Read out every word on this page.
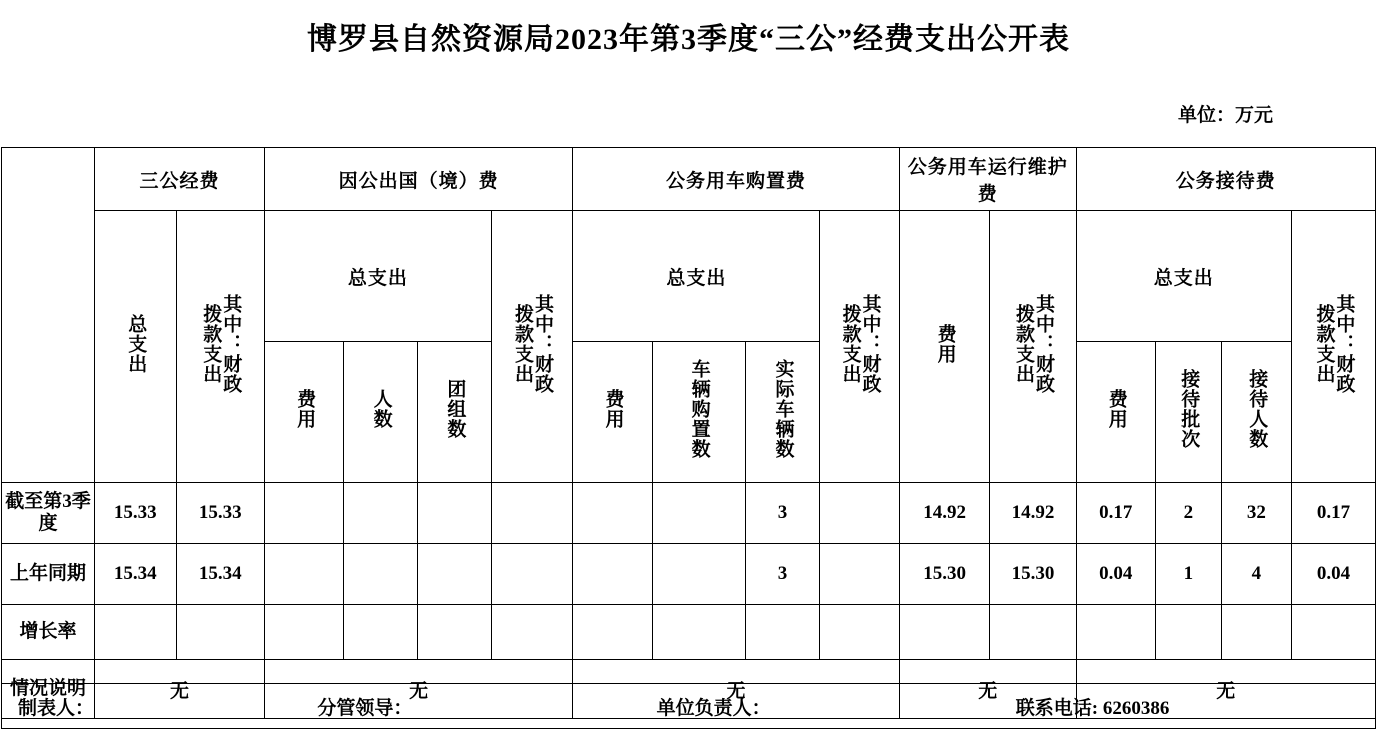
博罗县自然资源局2023年第3季度“三公”经费支出公开表
单位：万元
	三公经费		因公出国（境）费				公务用车购置费				公务用车运行维护费		公务接待费			
	总支出	其中：财政拨款支出	总支出			其中：财政拨款支出	总支出			其中：财政拨款支出	费用	其中：财政拨款支出	总支出			其中：财政拨款支出
			费用	人数	团组数		费用	车辆购置数	实际车辆数				费用	接待批次	接待人数	
截至第3季度	15.33	15.33							3		14.92	14.92	0.17	2	32	0.17
上年同期	15.34	15.34							3		15.30	15.30	0.04	1	4	0.04
增长率																
情况说明	无		无				无				无		无			
制表人：	分管领导：	单位负责人：	联系电话: 6260386
